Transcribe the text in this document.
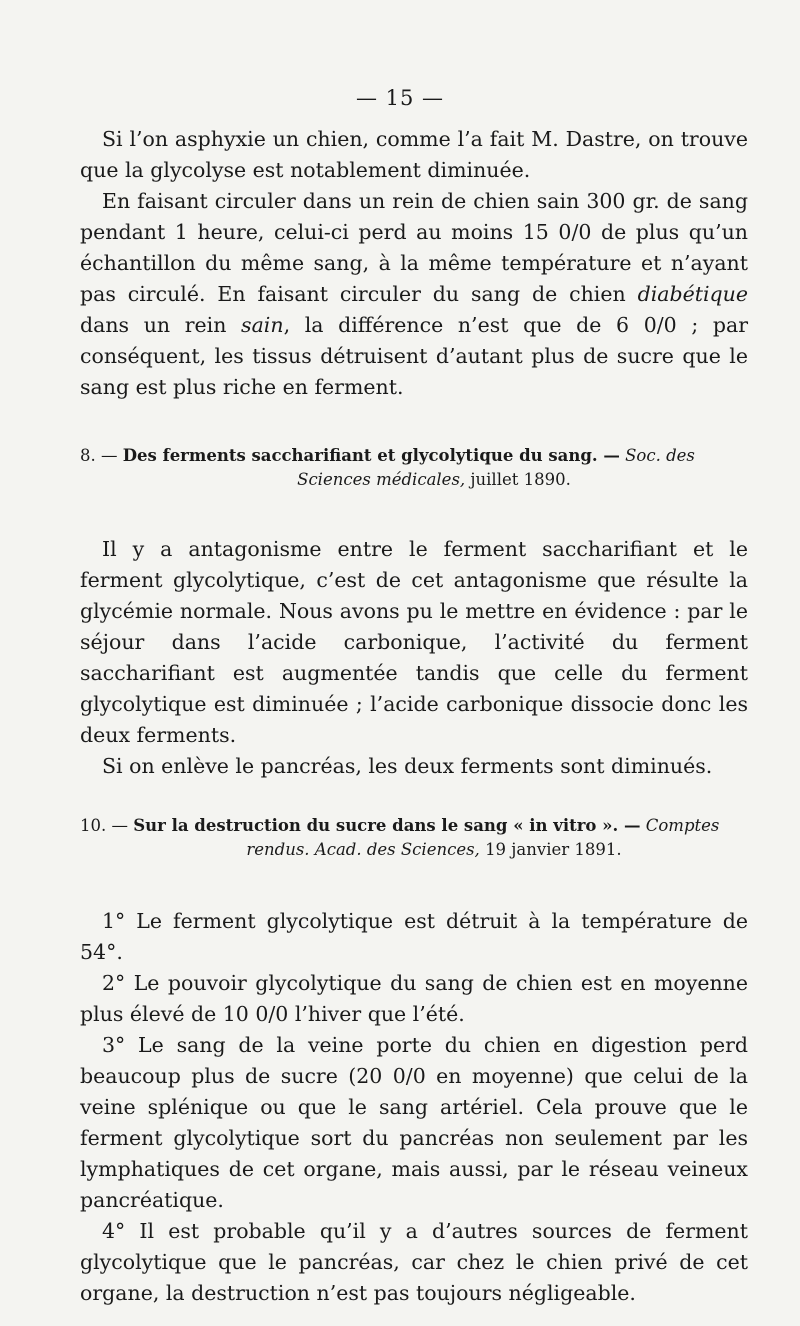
— 15 —

Si l’on asphyxie un chien, comme l’a fait M. Dastre, on trouve que la glycolyse est notablement diminuée.

En faisant circuler dans un rein de chien sain 300 gr. de sang pendant 1 heure, celui-ci perd au moins 15 0/0 de plus qu’un échantillon du même sang, à la même température et n’ayant pas circulé. En faisant circuler du sang de chien diabétique dans un rein sain, la différence n’est que de 6 0/0 ; par conséquent, les tissus détruisent d’autant plus de sucre que le sang est plus riche en ferment.

8. — Des ferments saccharifiant et glycolytique du sang. — Soc. des
Sciences médicales, juillet 1890.

Il y a antagonisme entre le ferment saccharifiant et le ferment glycolytique, c’est de cet antagonisme que résulte la glycémie normale. Nous avons pu le mettre en évidence : par le séjour dans l’acide carbonique, l’activité du ferment saccharifiant est augmentée tandis que celle du ferment glycolytique est diminuée ; l’acide carbonique dissocie donc les deux ferments.

Si on enlève le pancréas, les deux ferments sont diminués.

10. — Sur la destruction du sucre dans le sang « in vitro ». — Comptes
rendus. Acad. des Sciences, 19 janvier 1891.

1° Le ferment glycolytique est détruit à la température de 54°.

2° Le pouvoir glycolytique du sang de chien est en moyenne plus élevé de 10 0/0 l’hiver que l’été.

3° Le sang de la veine porte du chien en digestion perd beaucoup plus de sucre (20 0/0 en moyenne) que celui de la veine splénique ou que le sang artériel. Cela prouve que le ferment glycolytique sort du pancréas non seulement par les lymphatiques de cet organe, mais aussi, par le réseau veineux pancréatique.

4° Il est probable qu’il y a d’autres sources de ferment glycolytique que le pancréas, car chez le chien privé de cet organe, la destruction n’est pas toujours négligeable.
